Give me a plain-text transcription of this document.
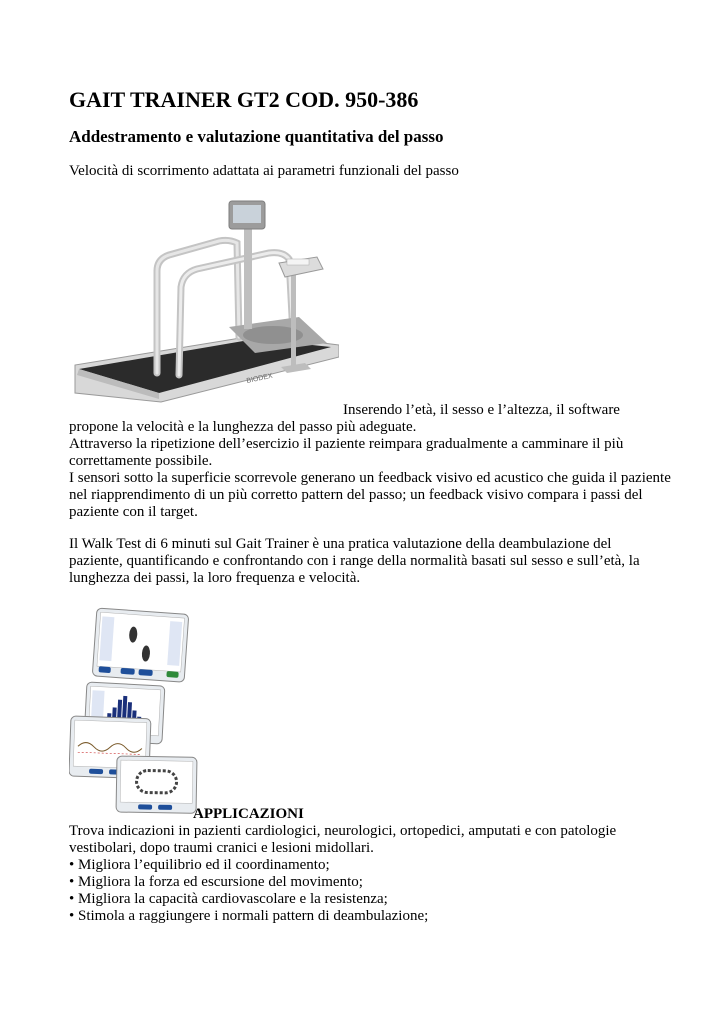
GAIT TRAINER GT2 COD. 950-386
Addestramento e valutazione quantitativa del passo

Velocità di scorrimento adattata ai parametri funzionali del passo

BIODEX
Inserendo l’età, il sesso e l’altezza, il software
propone la velocità e la lunghezza del passo più adeguate.
Attraverso la ripetizione dell’esercizio il paziente reimpara gradualmente a camminare il più
correttamente possibile.
I sensori sotto la superficie scorrevole generano un feedback visivo ed acustico che guida il paziente
nel riapprendimento di un più corretto pattern del passo; un feedback visivo compara i passi del
paziente con il target.
Il Walk Test di 6 minuti sul Gait Trainer è una pratica valutazione della deambulazione del
paziente, quantificando e confrontando con i range della normalità basati sul sesso e sull’età, la
lunghezza dei passi, la loro frequenza e velocità.
APPLICAZIONI
Trova indicazioni in pazienti cardiologici, neurologici, ortopedici, amputati e con patologie
vestibolari, dopo traumi cranici e lesioni midollari.
• Migliora l’equilibrio ed il coordinamento;
• Migliora la forza ed escursione del movimento;
• Migliora la capacità cardiovascolare e la resistenza;
• Stimola a raggiungere i normali pattern di deambulazione;
